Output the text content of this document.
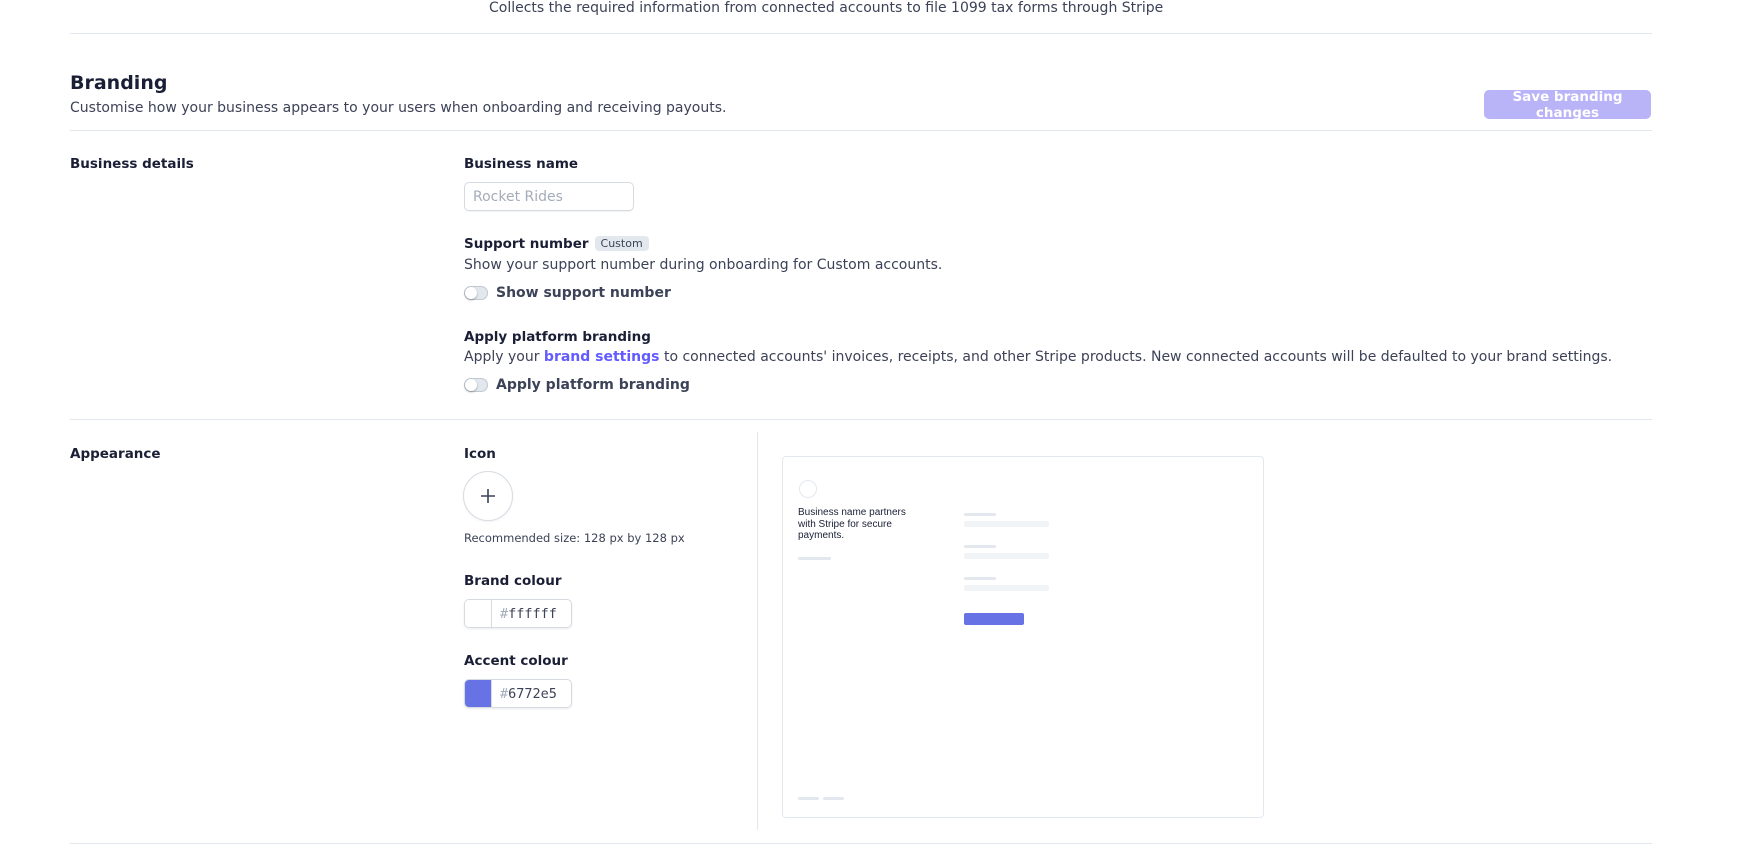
Collects the required information from connected accounts to file 1099 tax forms through Stripe
Branding
Customise how your business appears to your users when onboarding and receiving payouts.
Save branding changes
Business details	Business name
Rocket Rides
Support number Custom
Show your support number during onboarding for Custom accounts.
Show support number
Apply platform branding
Apply your brand settings to connected accounts' invoices, receipts, and other Stripe products. New connected accounts will be defaulted to your brand settings.
Apply platform branding
Appearance	Icon
Recommended size: 128 px by 128 px
Brand colour
# ffffff
Accent colour
# 6772e5
Business name partners with Stripe for secure payments.
